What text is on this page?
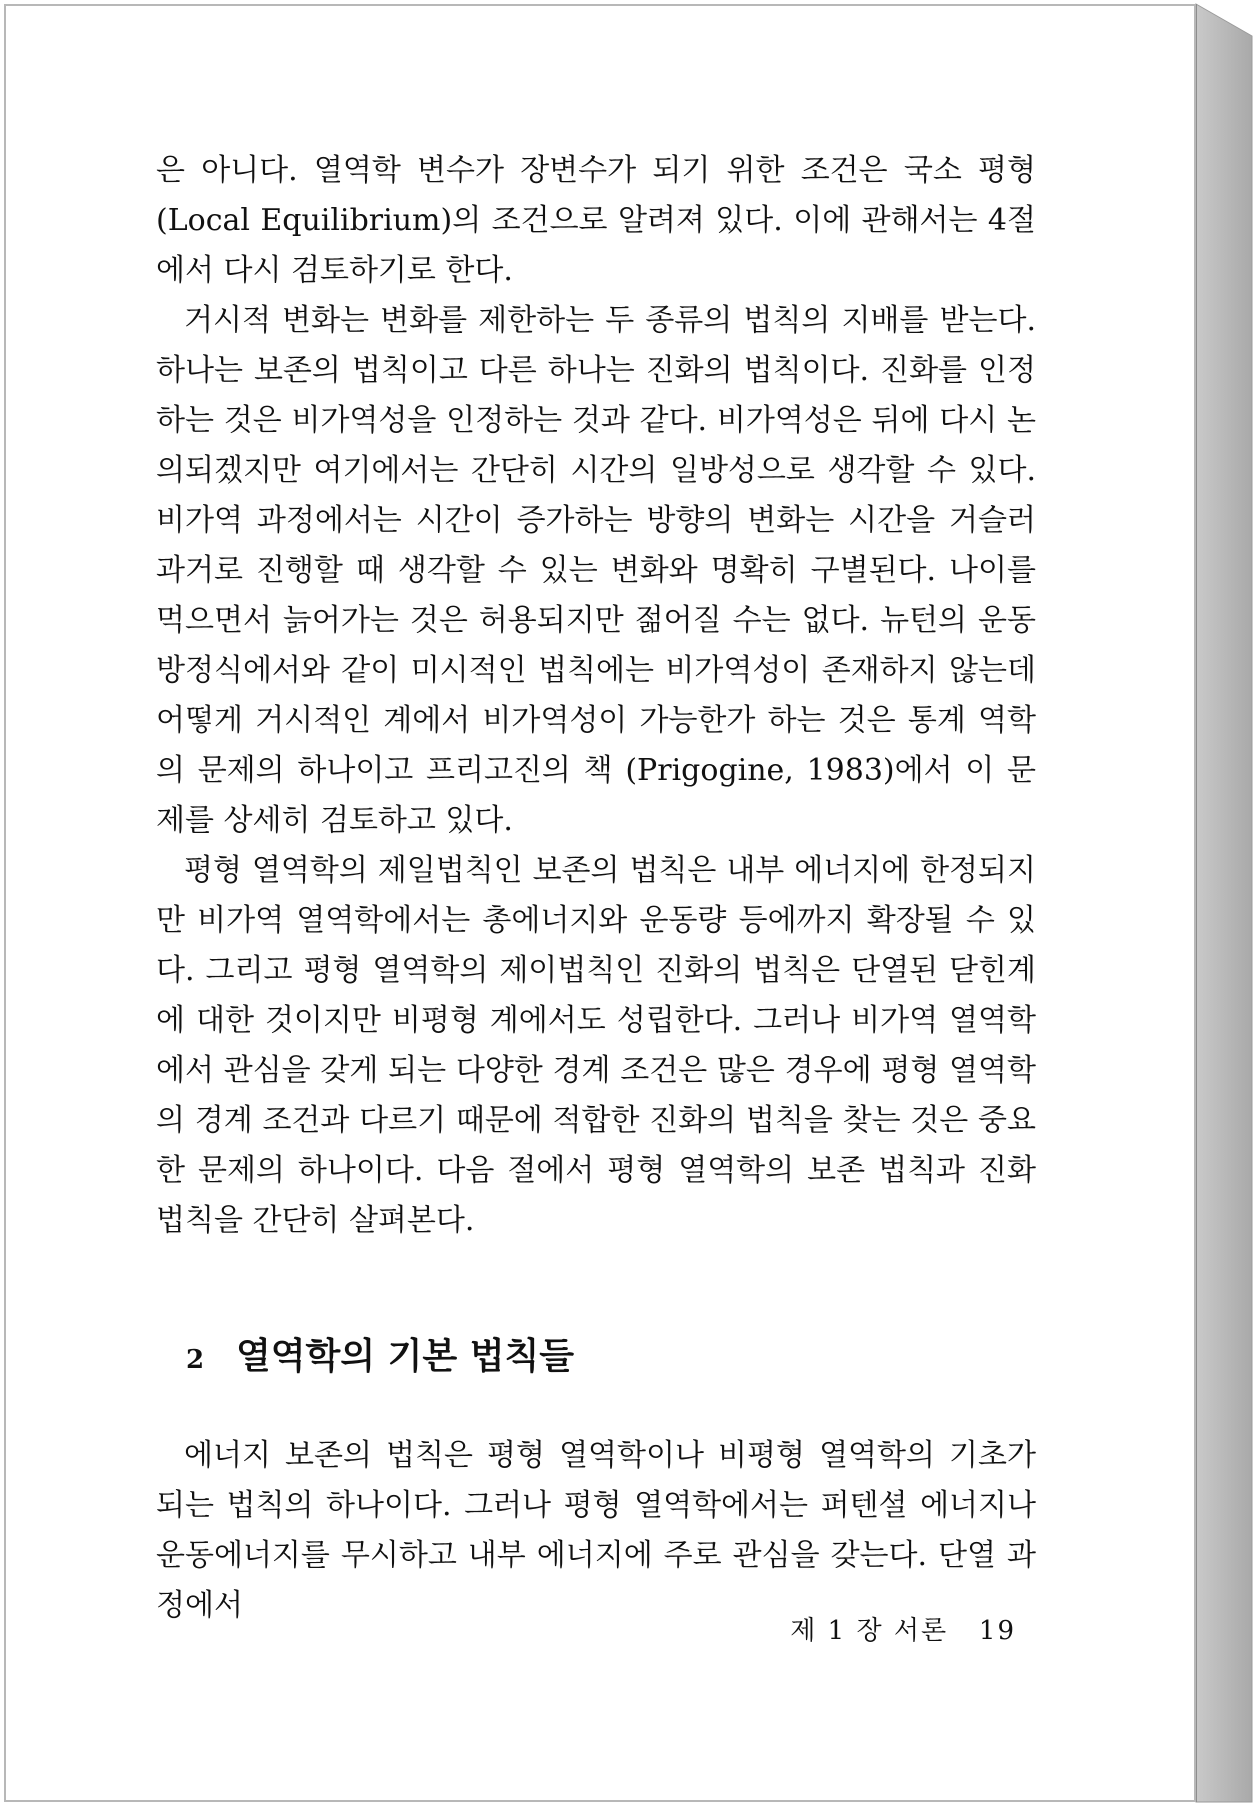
은 아니다. 열역학 변수가 장변수가 되기 위한 조건은 국소 평형 (Local Equilibrium)의 조건으로 알려져 있다. 이에 관해서는 4절에서 다시 검토하기로 한다.

거시적 변화는 변화를 제한하는 두 종류의 법칙의 지배를 받는다. 하나는 보존의 법칙이고 다른 하나는 진화의 법칙이다. 진화를 인정하는 것은 비가역성을 인정하는 것과 같다. 비가역성은 뒤에 다시 논의되겠지만 여기에서는 간단히 시간의 일방성으로 생각할 수 있다. 비가역 과정에서는 시간이 증가하는 방향의 변화는 시간을 거슬러 과거로 진행할 때 생각할 수 있는 변화와 명확히 구별된다. 나이를 먹으면서 늙어가는 것은 허용되지만 젊어질 수는 없다. 뉴턴의 운동방정식에서와 같이 미시적인 법칙에는 비가역성이 존재하지 않는데 어떻게 거시적인 계에서 비가역성이 가능한가 하는 것은 통계 역학의 문제의 하나이고 프리고진의 책 (Prigogine, 1983)에서 이 문제를 상세히 검토하고 있다.

평형 열역학의 제일법칙인 보존의 법칙은 내부 에너지에 한정되지만 비가역 열역학에서는 총에너지와 운동량 등에까지 확장될 수 있다. 그리고 평형 열역학의 제이법칙인 진화의 법칙은 단열된 닫힌계에 대한 것이지만 비평형 계에서도 성립한다. 그러나 비가역 열역학에서 관심을 갖게 되는 다양한 경계 조건은 많은 경우에 평형 열역학의 경계 조건과 다르기 때문에 적합한 진화의 법칙을 찾는 것은 중요한 문제의 하나이다. 다음 절에서 평형 열역학의 보존 법칙과 진화 법칙을 간단히 살펴본다.

2 열역학의 기본 법칙들

에너지 보존의 법칙은 평형 열역학이나 비평형 열역학의 기초가 되는 법칙의 하나이다. 그러나 평형 열역학에서는 퍼텐셜 에너지나 운동에너지를 무시하고 내부 에너지에 주로 관심을 갖는다. 단열 과정에서

제 1 장 서론 19
